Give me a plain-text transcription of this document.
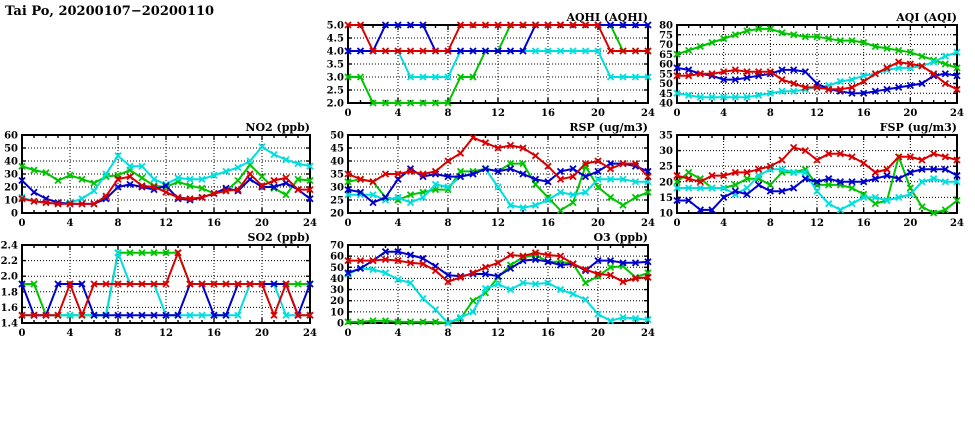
Tai Po, 20200107−20200110
2.0
2.5
3.0
3.5
4.0
4.5
5.0
0	4	8	12	16	20	24
AQHI (AQHI)
40
45
50
55
60
65
70
75
80
0	4	8	12	16	20	24
AQI (AQI)
0
10
20
30
40
50
60
0	4	8	12	16	20	24
NO2 (ppb)
20
25
30
35
40
45
50
0	4	8	12	16	20	24
RSP (ug/m3)
10
15
20
25
30
35
0	4	8	12	16	20	24
FSP (ug/m3)
1.4
1.6
1.8
2.0
2.2
2.4
0	4	8	12	16	20	24
SO2 (ppb)
0
10
20
30
40
50
60
70
0	4	8	12	16	20	24
O3 (ppb)
